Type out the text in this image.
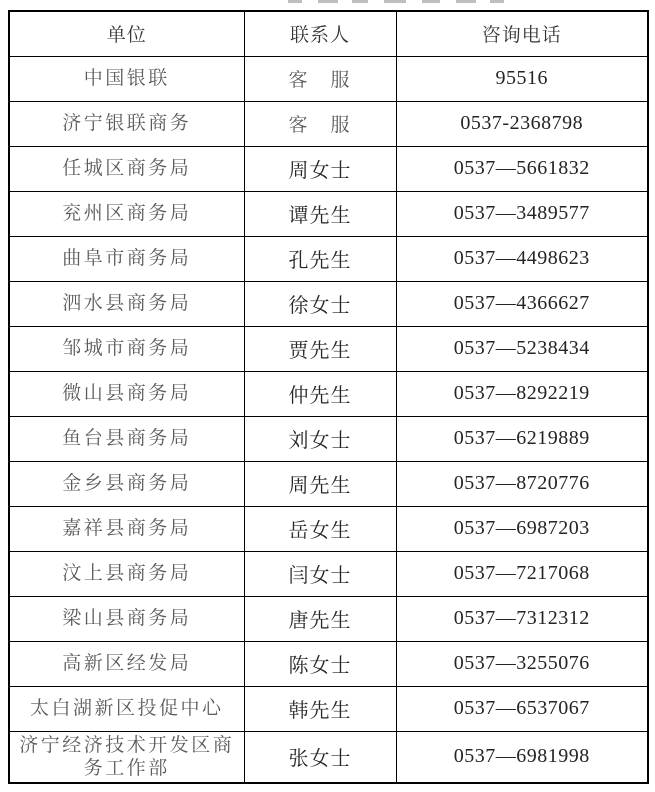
单位	联系人	咨询电话
中国银联	客　服	95516
济宁银联商务	客　服	0537-2368798
任城区商务局	周女士	0537—5661832
兖州区商务局	谭先生	0537—3489577
曲阜市商务局	孔先生	0537—4498623
泗水县商务局	徐女士	0537—4366627
邹城市商务局	贾先生	0537—5238434
微山县商务局	仲先生	0537—8292219
鱼台县商务局	刘女士	0537—6219889
金乡县商务局	周先生	0537—8720776
嘉祥县商务局	岳女生	0537—6987203
汶上县商务局	闫女士	0537—7217068
梁山县商务局	唐先生	0537—7312312
高新区经发局	陈女士	0537—3255076
太白湖新区投促中心	韩先生	0537—6537067
济宁经济技术开发区商务工作部	张女士	0537—6981998
